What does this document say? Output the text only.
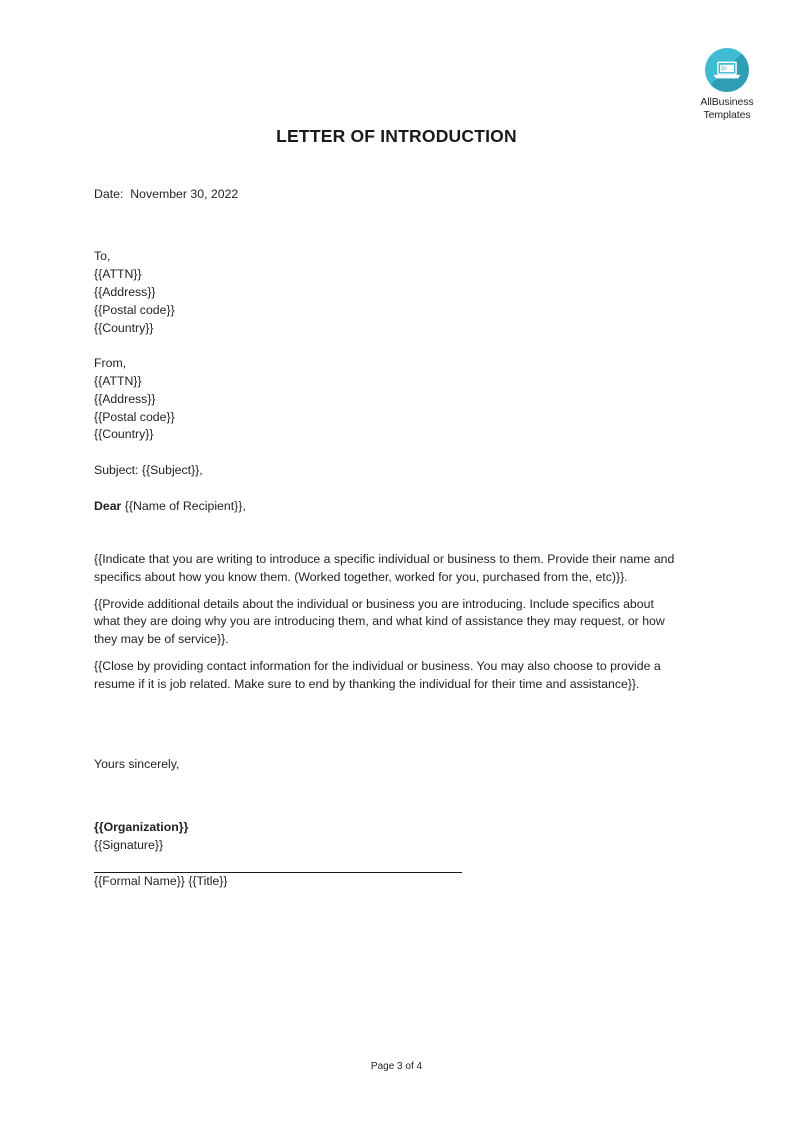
AllBusiness
Templates
LETTER OF INTRODUCTION
Date: November 30, 2022
To,
{{ATTN}}
{{Address}}
{{Postal code}}
{{Country}}
From,
{{ATTN}}
{{Address}}
{{Postal code}}
{{Country}}
Subject: {{Subject}},
Dear {{Name of Recipient}},

{{Indicate that you are writing to introduce a specific individual or business to them. Provide their name and specifics about how you know them. (Worked together, worked for you, purchased from the, etc)}}.

{{Provide additional details about the individual or business you are introducing. Include specifics about what they are doing why you are introducing them, and what kind of assistance they may request, or how they may be of service}}.

{{Close by providing contact information for the individual or business. You may also choose to provide a resume if it is job related. Make sure to end by thanking the individual for their time and assistance}}.

Yours sincerely,
{{Organization}}
{{Signature}}
{{Formal Name}} {{Title}}
Page 3 of 4
